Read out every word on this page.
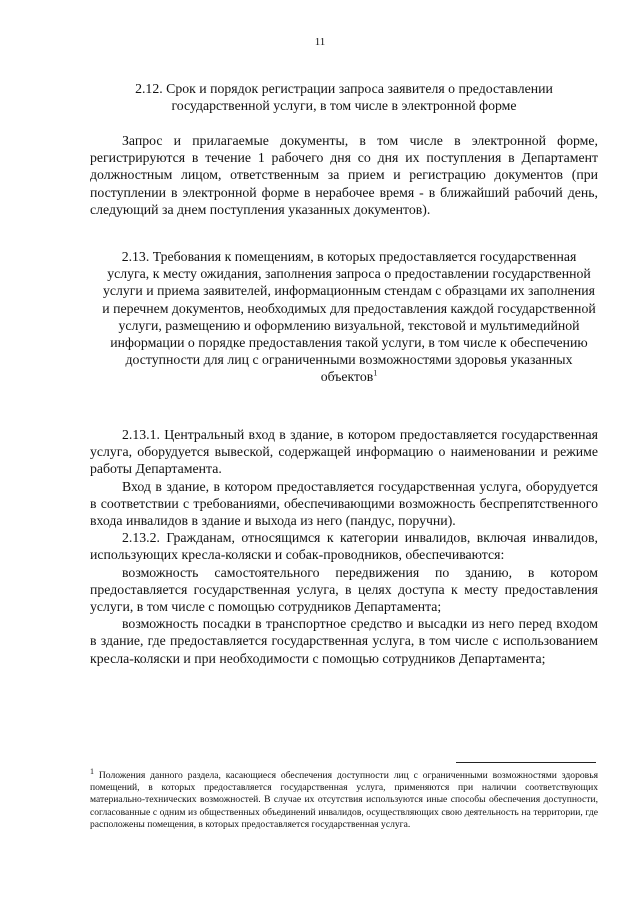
11

2.12. Срок и порядок регистрации запроса заявителя о предоставлении

государственной услуги, в том числе в электронной форме

Запрос и прилагаемые документы, в том числе в электронной форме, регистрируются в течение 1 рабочего дня со дня их поступления в Департамент должностным лицом, ответственным за прием и регистрацию документов (при поступлении в электронной форме в нерабочее время - в ближайший рабочий день, следующий за днем поступления указанных документов).

2.13. Требования к помещениям, в которых предоставляется государственная услуга, к месту ожидания, заполнения запроса о предоставлении государственной услуги и приема заявителей, информационным стендам с образцами их заполнения и перечнем документов, необходимых для предоставления каждой государственной услуги, размещению и оформлению визуальной, текстовой и мультимедийной информации о порядке предоставления такой услуги, в том числе к обеспечению доступности для лиц с ограниченными возможностями здоровья указанных объектов$^1$

2.13.1. Центральный вход в здание, в котором предоставляется государственная услуга, оборудуется вывеской, содержащей информацию о наименовании и режиме работы Департамента.

Вход в здание, в котором предоставляется государственная услуга, оборудуется в соответствии с требованиями, обеспечивающими возможность беспрепятственного входа инвалидов в здание и выхода из него (пандус, поручни).

2.13.2. Гражданам, относящимся к категории инвалидов, включая инвалидов, использующих кресла-коляски и собак-проводников, обеспечиваются:

возможность самостоятельного передвижения по зданию, в котором предоставляется государственная услуга, в целях доступа к месту предоставления услуги, в том числе с помощью сотрудников Департамента;

возможность посадки в транспортное средство и высадки из него перед входом в здание, где предоставляется государственная услуга, в том числе с использованием кресла-коляски и при необходимости с помощью сотрудников Департамента;

$^1$ Положения данного раздела, касающиеся обеспечения доступности лиц с ограниченными возможностями здоровья помещений, в которых предоставляется государственная услуга, применяются при наличии соответствующих материально-технических возможностей. В случае их отсутствия используются иные способы обеспечения доступности, согласованные с одним из общественных объединений инвалидов, осуществляющих свою деятельность на территории, где расположены помещения, в которых предоставляется государственная услуга.
